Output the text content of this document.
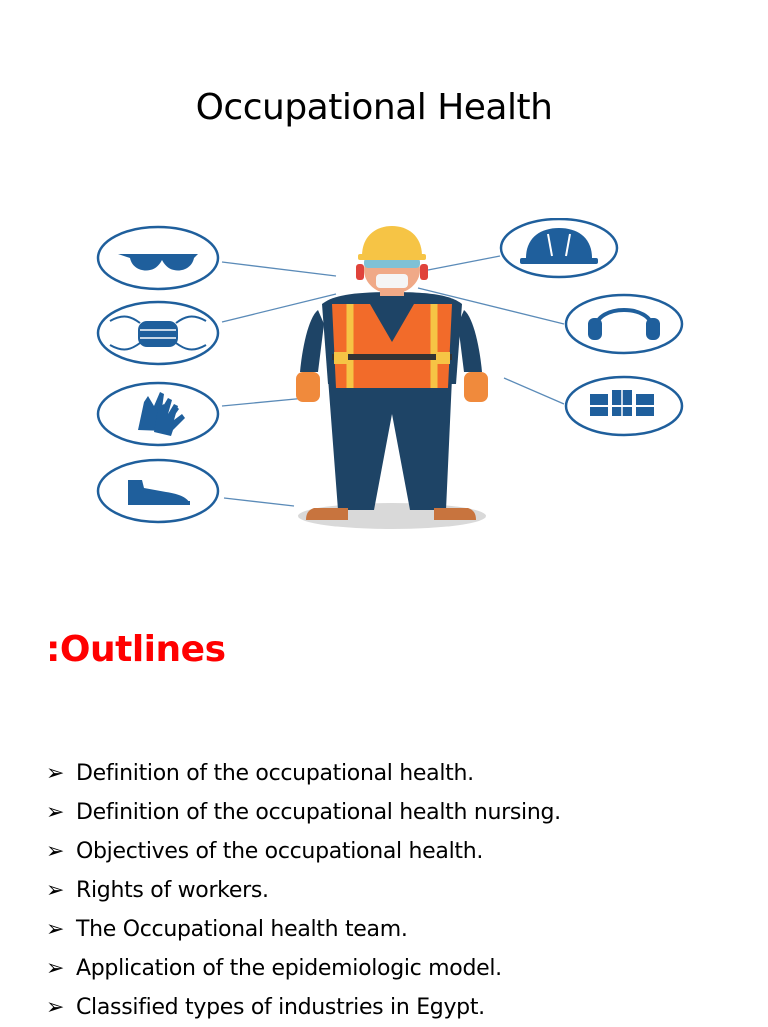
Occupational Health
:Outlines
➢ Definition of the occupational health.
➢ Definition of the occupational health nursing.
➢ Objectives of the occupational health.
➢ Rights of workers.
➢ The Occupational health team.
➢ Application of the epidemiologic model.
➢ Classified types of industries in Egypt.
